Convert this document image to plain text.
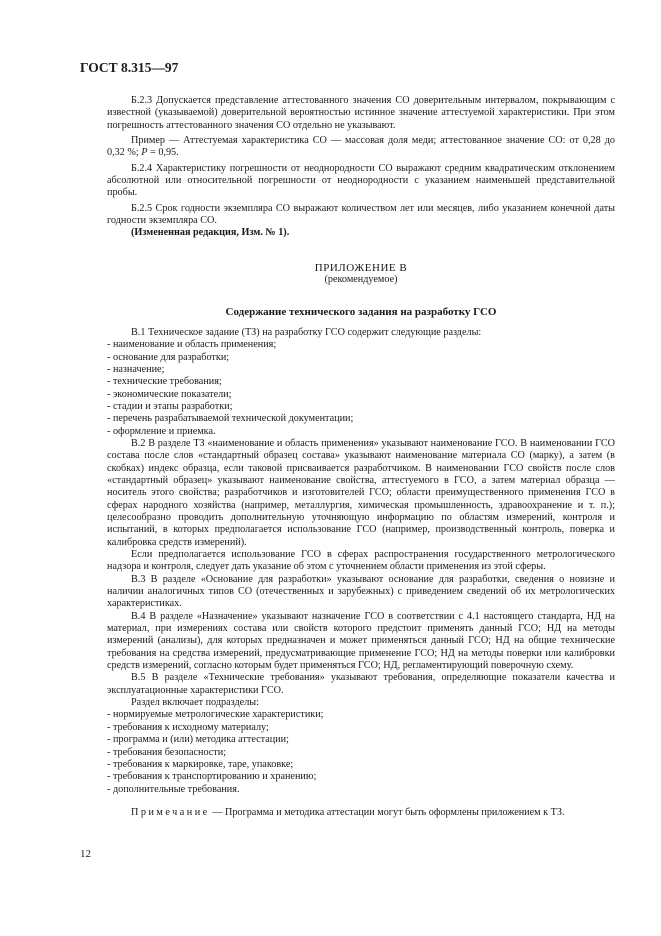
ГОСТ 8.315—97

Б.2.3 Допускается представление аттестованного значения СО доверительным интервалом, покрывающим с известной (указываемой) доверительной вероятностью истинное значение аттестуемой характеристики. При этом погрешность аттестованного значения СО отдельно не указывают.

Пример — Аттестуемая характеристика СО — массовая доля меди; аттестованное значение СО: от 0,28 до 0,32 %; P = 0,95.

Б.2.4 Характеристику погрешности от неоднородности СО выражают средним квадратическим отклонением абсолютной или относительной погрешности от неоднородности с указанием наименьшей представительной пробы.

Б.2.5 Срок годности экземпляра СО выражают количеством лет или месяцев, либо указанием конечной даты годности экземпляра СО.

(Измененная редакция, Изм. № 1).

ПРИЛОЖЕНИЕ В

(рекомендуемое)

Содержание технического задания на разработку ГСО

В.1 Техническое задание (ТЗ) на разработку ГСО содержит следующие разделы:

- наименование и область применения;
- основание для разработки;
- назначение;
- технические требования;
- экономические показатели;
- стадии и этапы разработки;
- перечень разрабатываемой технической документации;
- оформление и приемка.

В.2 В разделе ТЗ «наименование и область применения» указывают наименование ГСО. В наименовании ГСО состава после слов «стандартный образец состава» указывают наименование материала СО (марку), а затем (в скобках) индекс образца, если таковой присваивается разработчиком. В наименовании ГСО свойств после слов «стандартный образец» указывают наименование свойства, аттестуемого в ГСО, а затем материал образца — носитель этого свойства; разработчиков и изготовителей ГСО; области преимущественного применения ГСО в сферах народного хозяйства (например, металлургия, химическая промышленность, здравоохранение и т. п.); целесообразно проводить дополнительную уточняющую информацию по областям измерений, контроля и испытаний, в которых предполагается использование ГСО (например, производственный контроль, поверка и калибровка средств измерений).

Если предполагается использование ГСО в сферах распространения государственного метрологического надзора и контроля, следует дать указание об этом с уточнением области применения из этой сферы.

В.3 В разделе «Основание для разработки» указывают основание для разработки, сведения о новизне и наличии аналогичных типов СО (отечественных и зарубежных) с приведением сведений об их метрологических характеристиках.

В.4 В разделе «Назначение» указывают назначение ГСО в соответствии с 4.1 настоящего стандарта, НД на материал, при измерениях состава или свойств которого предстоит применять данный ГСО; НД на методы измерений (анализы), для которых предназначен и может применяться данный ГСО; НД на общие технические требования на средства измерений, предусматривающие применение ГСО; НД на методы поверки или калибровки средств измерений, согласно которым будет применяться ГСО; НД, регламентирующий поверочную схему.

В.5 В разделе «Технические требования» указывают требования, определяющие показатели качества и эксплуатационные характеристики ГСО.

Раздел включает подразделы:

- нормируемые метрологические характеристики;
- требования к исходному материалу;
- программа и (или) методика аттестации;
- требования безопасности;
- требования к маркировке, таре, упаковке;
- требования к транспортированию и хранению;
- дополнительные требования.

Примечание — Программа и методика аттестации могут быть оформлены приложением к ТЗ.

12
